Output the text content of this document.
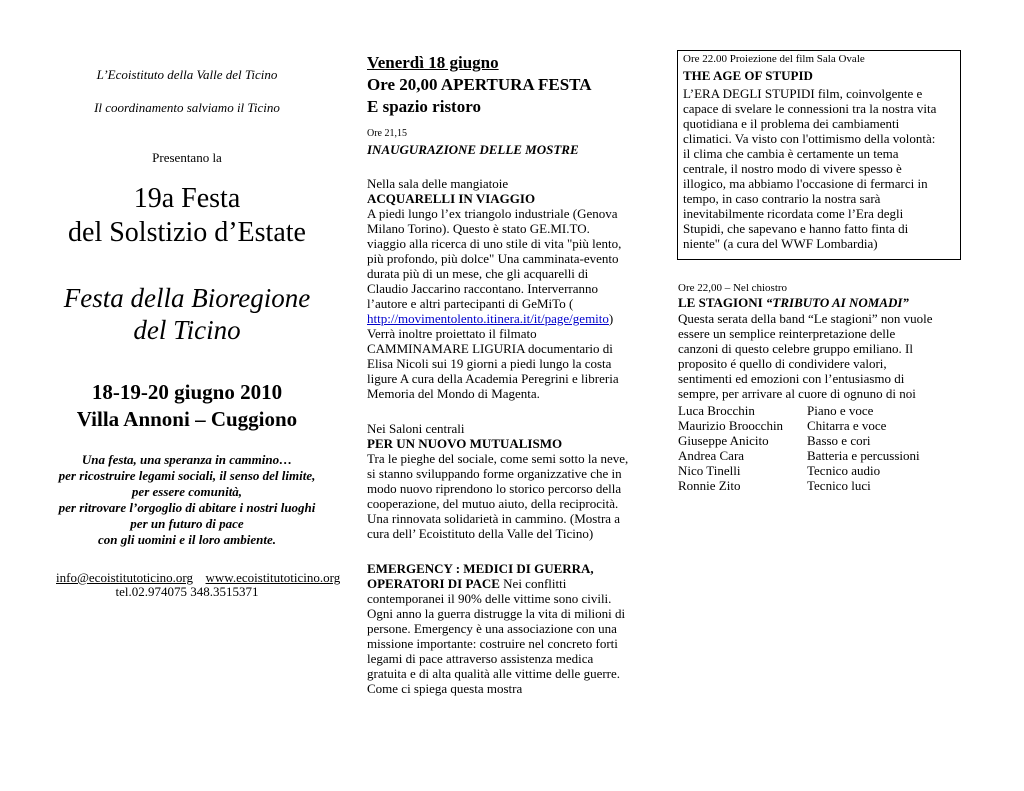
L’Ecoistituto della Valle del Ticino
Il coordinamento salviamo il Ticino
Presentano la
19a Festa
del Solstizio d’Estate
Festa della Bioregione
del Ticino
18-19-20 giugno 2010
Villa Annoni – Cuggiono
Una festa, una speranza in cammino…
per ricostruire legami sociali, il senso del limite,
per essere comunità,
per ritrovare l’orgoglio di abitare i nostri luoghi
per un futuro di pace
con gli uomini e il loro ambiente.
info@ecoistitutoticino.org www.ecoistitutoticino.org
tel.02.974075 348.3515371
Venerdì 18 giugno
Ore 20,00 APERTURA FESTA
E spazio ristoro
Ore 21,15
INAUGURAZIONE DELLE MOSTRE

Nella sala delle mangiatoie

ACQUARELLI IN VIAGGIO

A piedi lungo l’ex triangolo industriale (Genova

Milano Torino). Questo è stato GE.MI.TO.

viaggio alla ricerca di uno stile di vita "più lento,

più profondo, più dolce" Una camminata-evento

durata più di un mese, che gli acquarelli di

Claudio Jaccarino raccontano. Interverranno

l’autore e altri partecipanti di GeMiTo (

http://movimentolento.itinera.it/it/page/gemito)

Verrà inoltre proiettato il filmato

CAMMINAMARE LIGURIA documentario di

Elisa Nicoli sui 19 giorni a piedi lungo la costa

ligure A cura della Academia Peregrini e libreria

Memoria del Mondo di Magenta.

Nei Saloni centrali

PER UN NUOVO MUTUALISMO

Tra le pieghe del sociale, come semi sotto la neve,

si stanno sviluppando forme organizzative che in

modo nuovo riprendono lo storico percorso della

cooperazione, del mutuo aiuto, della reciprocità.

Una rinnovata solidarietà in cammino. (Mostra a

cura dell’ Ecoistituto della Valle del Ticino)

EMERGENCY : MEDICI DI GUERRA,

OPERATORI DI PACE Nei conflitti

contemporanei il 90% delle vittime sono civili.

Ogni anno la guerra distrugge la vita di milioni di

persone. Emergency è una associazione con una

missione importante: costruire nel concreto forti

legami di pace attraverso assistenza medica

gratuita e di alta qualità alle vittime delle guerre.

Come ci spiega questa mostra

Ore 22.00 Proiezione del film Sala Ovale
THE AGE OF STUPID
L’ERA DEGLI STUPIDI film, coinvolgente e
capace di svelare le connessioni tra la nostra vita
quotidiana e il problema dei cambiamenti
climatici. Va visto con l'ottimismo della volontà:
il clima che cambia è certamente un tema
centrale, il nostro modo di vivere spesso è
illogico, ma abbiamo l'occasione di fermarci in
tempo, in caso contrario la nostra sarà
inevitabilmente ricordata come l’Era degli
Stupidi, che sapevano e hanno fatto finta di
niente" (a cura del WWF Lombardia)
Ore 22,00 – Nel chiostro
LE STAGIONI “TRIBUTO AI NOMADI”
Questa serata della band “Le stagioni” non vuole
essere un semplice reinterpretazione delle
canzoni di questo celebre gruppo emiliano. Il
proposito é quello di condividere valori,
sentimenti ed emozioni con l’entusiasmo di
sempre, per arrivare al cuore di ognuno di noi
Luca Brocchin	Piano e voce
Maurizio Broocchin	Chitarra e voce
Giuseppe Anicito	Basso e cori
Andrea Cara	Batteria e percussioni
Nico Tinelli	Tecnico audio
Ronnie Zito	Tecnico luci
